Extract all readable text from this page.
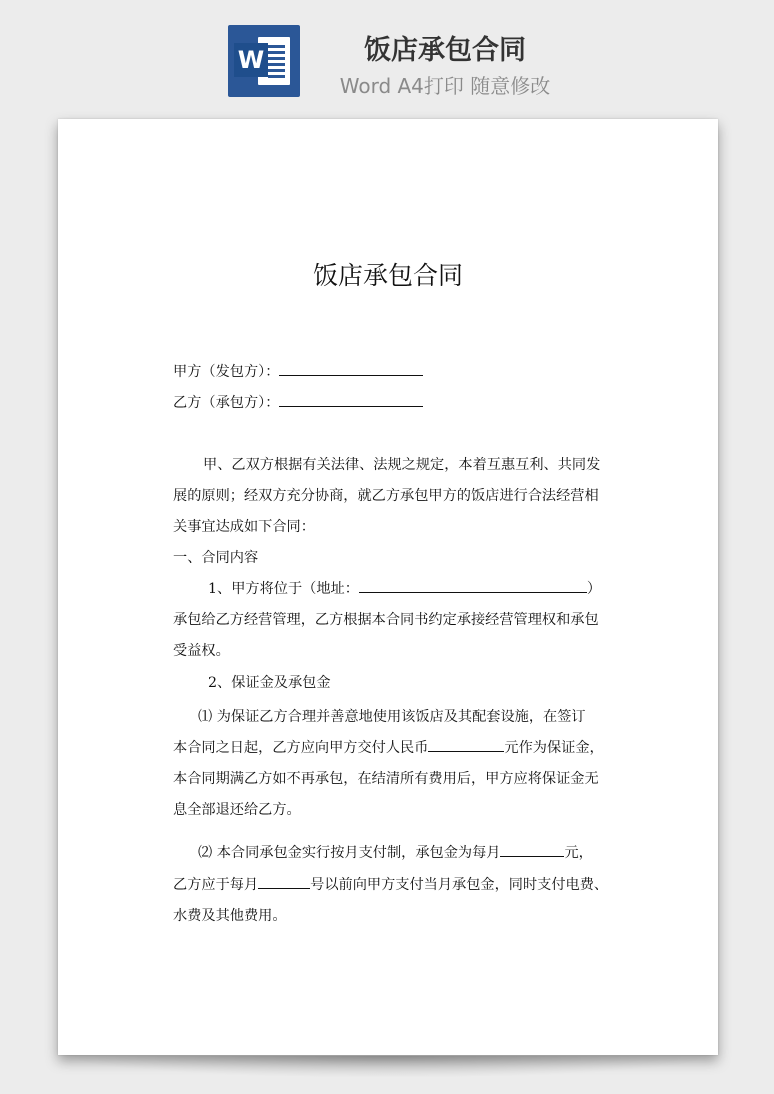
W	饭店承包合同
Word A4打印 随意修改
饭店承包合同
甲方（发包方）：
乙方（承包方）：
甲、乙双方根据有关法律、法规之规定，本着互惠互利、共同发
展的原则；经双方充分协商，就乙方承包甲方的饭店进行合法经营相
关事宜达成如下合同：
一、合同内容
1、甲方将位于（地址：	）
承包给乙方经营管理，乙方根据本合同书约定承接经营管理权和承包
受益权。
2、保证金及承包金
⑴ 为保证乙方合理并善意地使用该饭店及其配套设施，在签订
本合同之日起，乙方应向甲方交付人民币	元作为保证金，
本合同期满乙方如不再承包，在结清所有费用后，甲方应将保证金无
息全部退还给乙方。
⑵ 本合同承包金实行按月支付制，承包金为每月	元，
乙方应于每月	号以前向甲方支付当月承包金，同时支付电费、
水费及其他费用。
